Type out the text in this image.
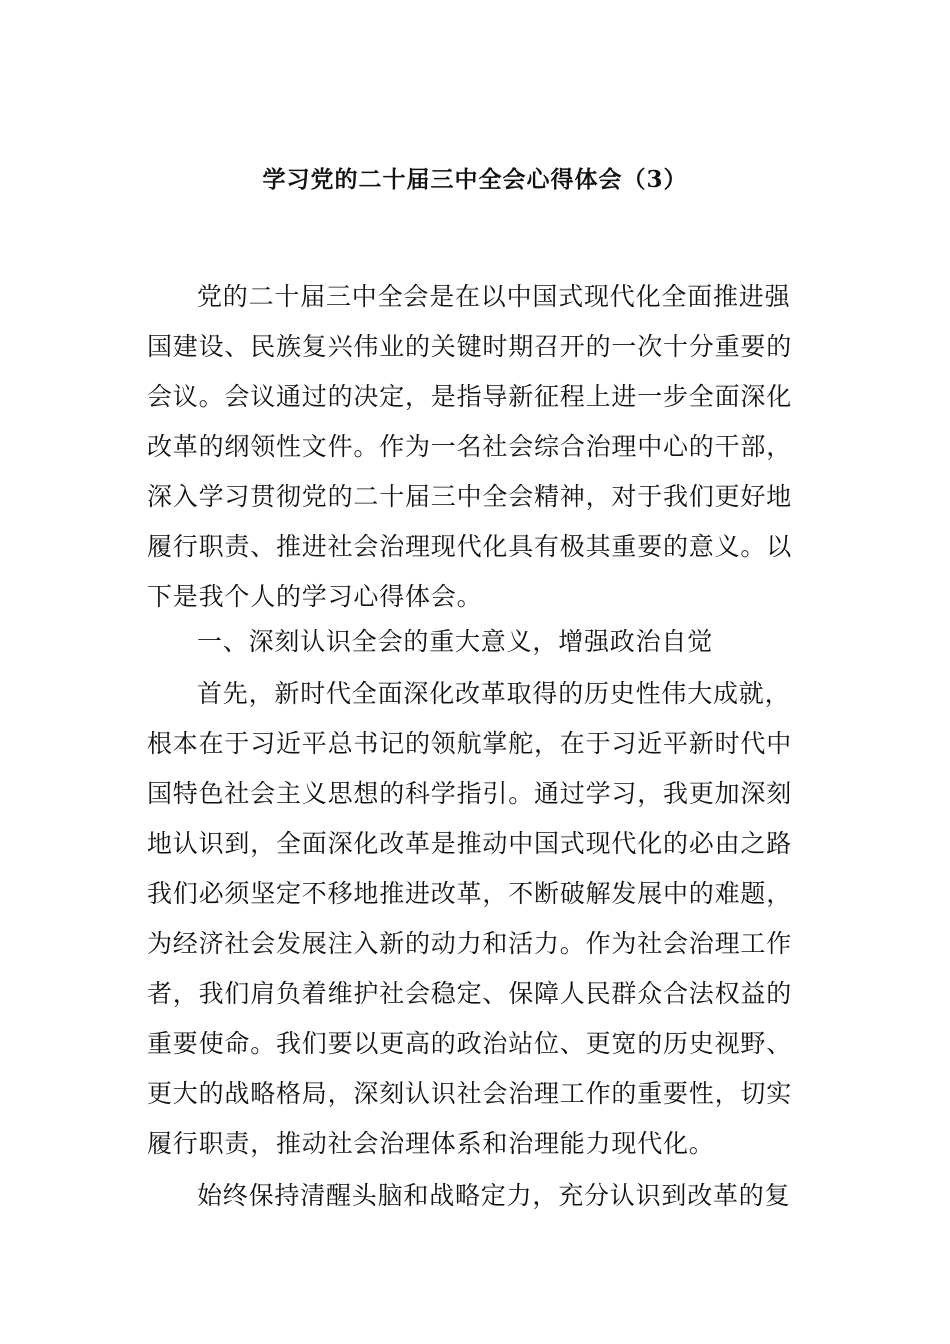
学习党的二十届三中全会心得体会（3）
党的二十届三中全会是在以中国式现代化全面推进强
国建设、民族复兴伟业的关键时期召开的一次十分重要的
会议。会议通过的决定，是指导新征程上进一步全面深化
改革的纲领性文件。作为一名社会综合治理中心的干部，
深入学习贯彻党的二十届三中全会精神，对于我们更好地
履行职责、推进社会治理现代化具有极其重要的意义。以
下是我个人的学习心得体会。
一、深刻认识全会的重大意义，增强政治自觉
首先，新时代全面深化改革取得的历史性伟大成就，
根本在于习近平总书记的领航掌舵，在于习近平新时代中
国特色社会主义思想的科学指引。通过学习，我更加深刻
地认识到，全面深化改革是推动中国式现代化的必由之路
我们必须坚定不移地推进改革，不断破解发展中的难题，
为经济社会发展注入新的动力和活力。作为社会治理工作
者，我们肩负着维护社会稳定、保障人民群众合法权益的
重要使命。我们要以更高的政治站位、更宽的历史视野、
更大的战略格局，深刻认识社会治理工作的重要性，切实
履行职责，推动社会治理体系和治理能力现代化。
始终保持清醒头脑和战略定力，充分认识到改革的复
